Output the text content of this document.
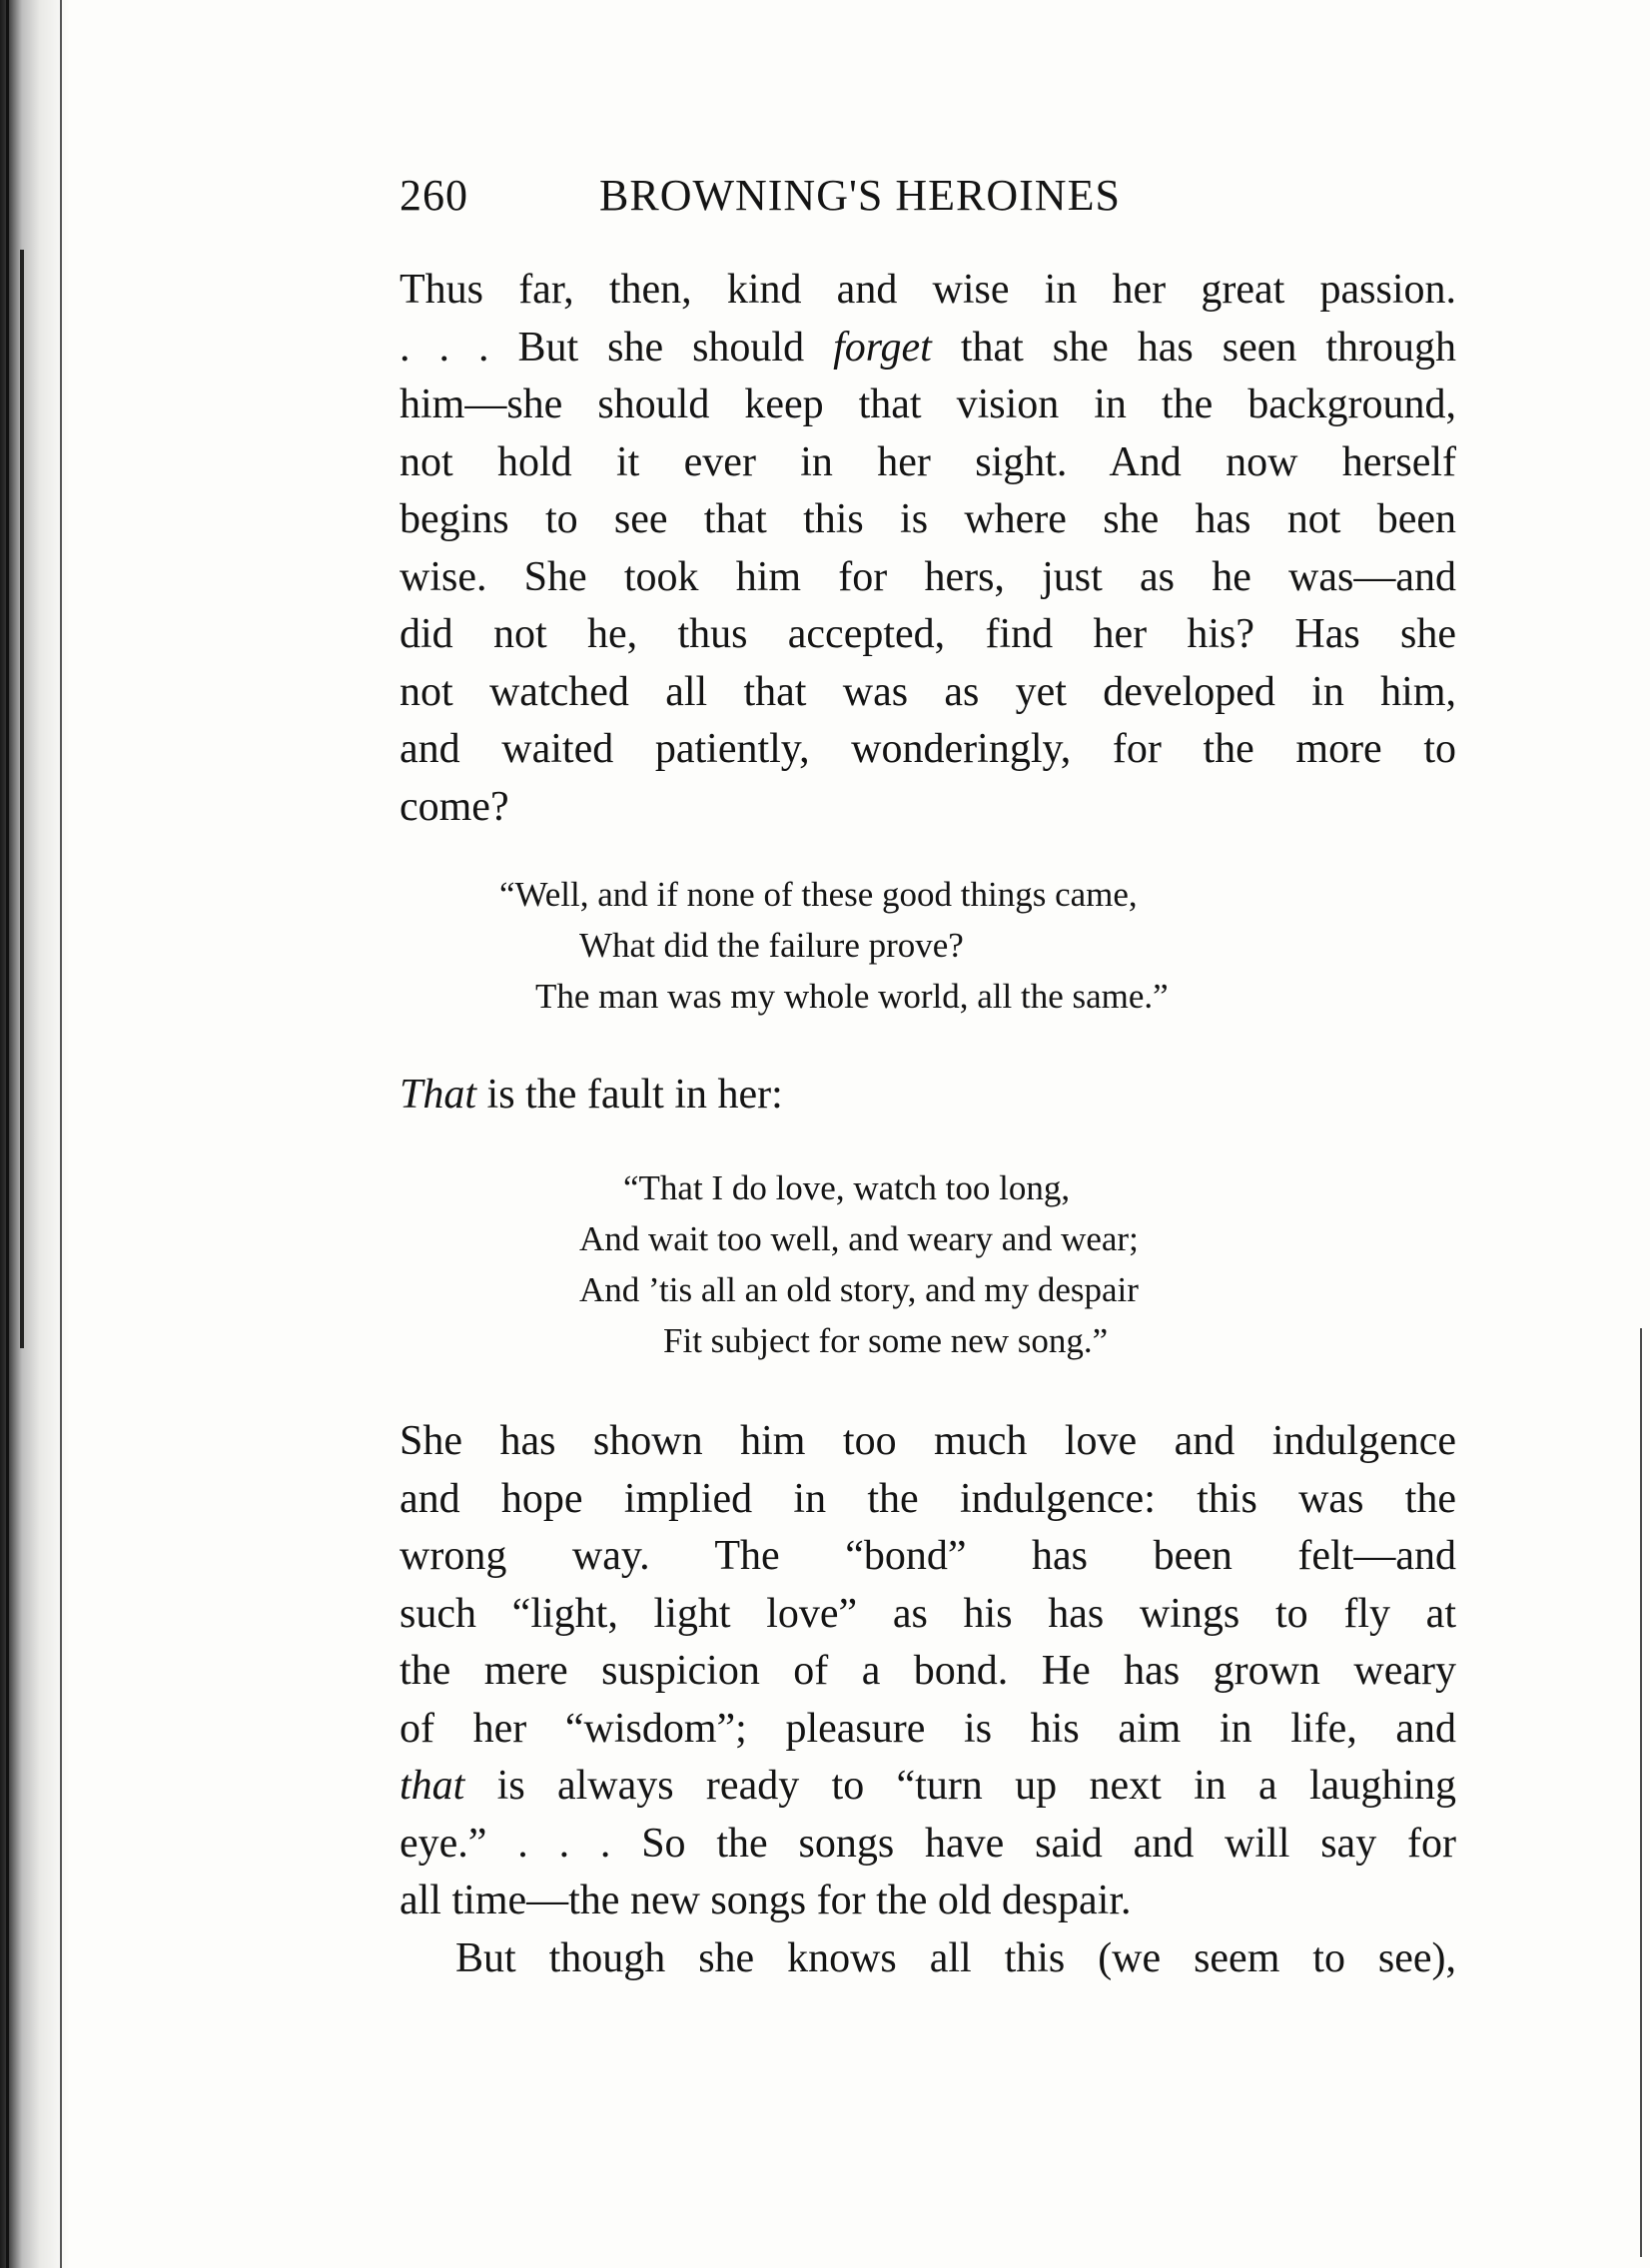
260	BROWNING'S HEROINES
Thus far, then, kind and wise in her great passion.
. . . But she should forget that she has seen through
him—she should keep that vision in the background,
not hold it ever in her sight. And now herself
begins to see that this is where she has not been
wise. She took him for hers, just as he was—and
did not he, thus accepted, find her his? Has she
not watched all that was as yet developed in him,
and waited patiently, wonderingly, for the more to
come?
“Well, and if none of these good things came,
What did the failure prove?
The man was my whole world, all the same.”
That is the fault in her:
“That I do love, watch too long,
And wait too well, and weary and wear;
And ’tis all an old story, and my despair
Fit subject for some new song.”
She has shown him too much love and indulgence
and hope implied in the indulgence: this was the
wrong way. The “bond” has been felt—and
such “light, light love” as his has wings to fly at
the mere suspicion of a bond. He has grown weary
of her “wisdom”; pleasure is his aim in life, and
that is always ready to “turn up next in a laughing
eye.” . . . So the songs have said and will say for
all time—the new songs for the old despair.
But though she knows all this (we seem to see),
